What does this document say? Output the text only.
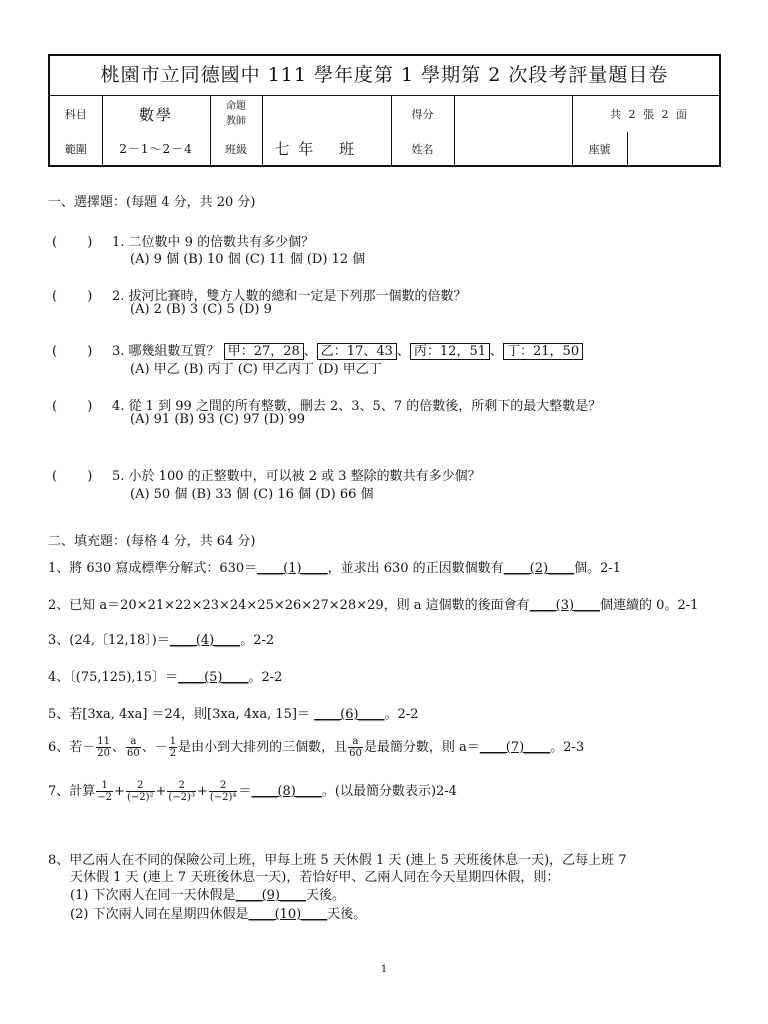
桃園市立同德國中 111 學年度第 1 學期第 2 次段考評量題目卷
科目	數學	命題
教師		得分		共 2 張 2 面
範圍	2－1～2－4	班級	七 年　 班	姓名		座號	
一、選擇題：(每題 4 分，共 20 分)
(　　 ) 1. 二位數中 9 的倍數共有多少個？
(A) 9 個 (B) 10 個 (C) 11 個 (D) 12 個
(　　 ) 2. 拔河比賽時，雙方人數的總和一定是下列那一個數的倍數？
(A) 2 (B) 3 (C) 5 (D) 9
(　　 ) 3. 哪幾組數互質？ 甲：27，28 、 乙：17、43 、 丙：12，51 、 丁：21，50
(A) 甲乙 (B) 丙丁 (C) 甲乙丙丁 (D) 甲乙丁
(　　 ) 4. 從 1 到 99 之間的所有整數，刪去 2、3、5、7 的倍數後，所剩下的最大整數是？
(A) 91 (B) 93 (C) 97 (D) 99
(　　 ) 5. 小於 100 的正整數中，可以被 2 或 3 整除的數共有多少個？
(A) 50 個 (B) 33 個 (C) 16 個 (D) 66 個
二、填充題：(每格 4 分，共 64 分)
1、將 630 寫成標準分解式：630＝____(1)____，並求出 630 的正因數個數有____(2)____個。2-1
2、已知 a＝20×21×22×23×24×25×26×27×28×29，則 a 這個數的後面會有____(3)____個連續的 0。2-1
3、(24,〔12,18〕)＝____(4)____。2-2
4、〔(75,125),15〕＝____(5)____。2-2
5、若[3xa, 4xa] ＝24，則[3xa, 4xa, 15]＝ ____(6)____。2-2
6、若－ $\frac{11}{20}$ 、 $\frac{a}{60}$ 、－ $\frac{1}{2}$ 是由小到大排列的三個數，且 $\frac{a}{60}$ 是最簡分數，則 a＝____(7)____。2-3
7、計算 $\frac{1}{-2} + \frac{2}{\text{(−2)²}} + \frac{2}{\text{(−2)³}} + \frac{2}{\text{(−2)⁴}}$ ＝____(8)____。(以最簡分數表示)2-4
8、甲乙兩人在不同的保險公司上班，甲每上班 5 天休假 1 天 (連上 5 天班後休息一天)，乙每上班 7
天休假 1 天 (連上 7 天班後休息一天)，若恰好甲、乙兩人同在今天星期四休假，則：
(1) 下次兩人在同一天休假是____(9)____天後。
(2) 下次兩人同在星期四休假是____(10)____天後。
1
